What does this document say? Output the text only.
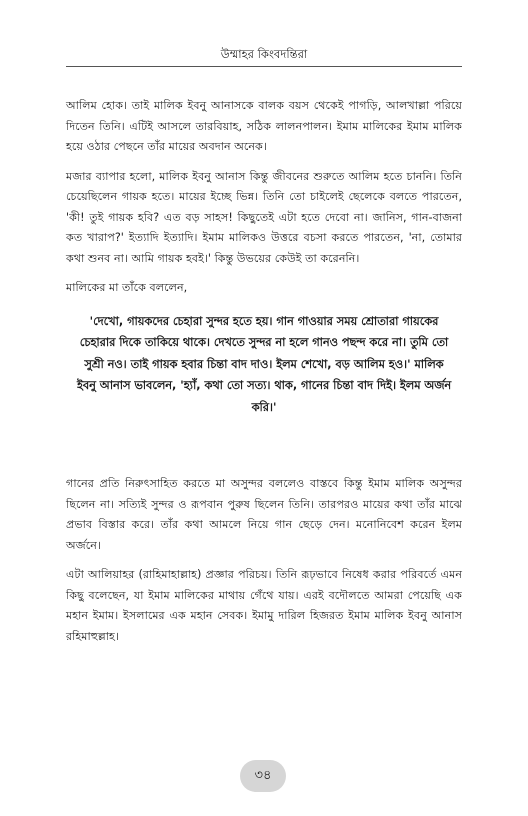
উম্মাহর কিংবদন্তিরা

আলিম হোক। তাই মালিক ইবনু আনাসকে বালক বয়স থেকেই পাগড়ি, আলখাল্লা পরিয়ে দিতেন তিনি। এটিই আসলে তারবিয়াহ, সঠিক লালনপালন। ইমাম মালিকের ইমাম মালিক হয়ে ওঠার পেছনে তাঁর মায়ের অবদান অনেক।

মজার ব্যাপার হলো, মালিক ইবনু আনাস কিন্তু জীবনের শুরুতে আলিম হতে চাননি। তিনি চেয়েছিলেন গায়ক হতে। মায়ের ইচ্ছে ভিন্ন। তিনি তো চাইলেই ছেলেকে বলতে পারতেন, 'কী! তুই গায়ক হবি? এত বড় সাহস! কিছুতেই এটা হতে দেবো না। জানিস, গান-বাজনা কত খারাপ?' ইত্যাদি ইত্যাদি। ইমাম মালিকও উত্তরে বচসা করতে পারতেন, 'না, তোমার কথা শুনব না। আমি গায়ক হবই।' কিন্তু উভয়ের কেউই তা করেননি।

মালিকের মা তাঁকে বললেন,

'দেখো, গায়কদের চেহারা সুন্দর হতে হয়। গান গাওয়ার সময় শ্রোতারা গায়কের চেহারার দিকে তাকিয়ে থাকে। দেখতে সুন্দর না হলে গানও পছন্দ করে না। তুমি তো সুশ্রী নও। তাই গায়ক হবার চিন্তা বাদ দাও। ইলম শেখো, বড় আলিম হও।' মালিক ইবনু আনাস ভাবলেন, 'হ্যাঁ, কথা তো সত্য। থাক, গানের চিন্তা বাদ দিই। ইলম অর্জন করি।'

গানের প্রতি নিরুৎসাহিত করতে মা অসুন্দর বললেও বাস্তবে কিন্তু ইমাম মালিক অসুন্দর ছিলেন না। সত্যিই সুন্দর ও রূপবান পুরুষ ছিলেন তিনি। তারপরও মায়ের কথা তাঁর মাঝে প্রভাব বিস্তার করে। তাঁর কথা আমলে নিয়ে গান ছেড়ে দেন। মনোনিবেশ করেন ইলম অর্জনে।

এটা আলিয়াহর (রাহিমাহাল্লাহ) প্রজ্ঞার পরিচয়। তিনি রূঢ়ভাবে নিষেধ করার পরিবর্তে এমন কিছু বলেছেন, যা ইমাম মালিকের মাথায় গেঁথে যায়। এরই বদৌলতে আমরা পেয়েছি এক মহান ইমাম। ইসলামের এক মহান সেবক। ইমামু দারিল হিজরত ইমাম মালিক ইবনু আনাস রহিমাহুল্লাহ।

৩৪
